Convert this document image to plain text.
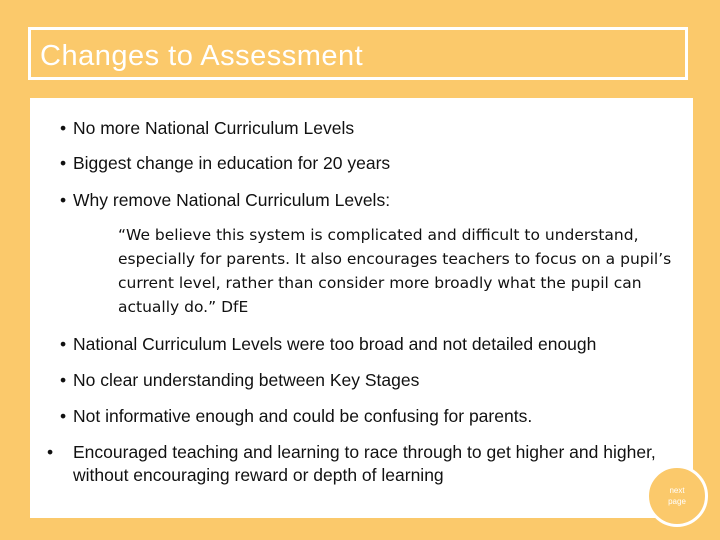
Changes to Assessment

• No more National Curriculum Levels

• Biggest change in education for 20 years

• Why remove National Curriculum Levels:

“We believe this system is complicated and difficult to understand, especially for parents. It also encourages teachers to focus on a pupil’s current level, rather than consider more broadly what the pupil can actually do.” DfE

• National Curriculum Levels were too broad and not detailed enough

• No clear understanding between Key Stages

• Not informative enough and could be confusing for parents.

• Encouraged teaching and learning to race through to get higher and higher, without encouraging reward or depth of learning

next page
